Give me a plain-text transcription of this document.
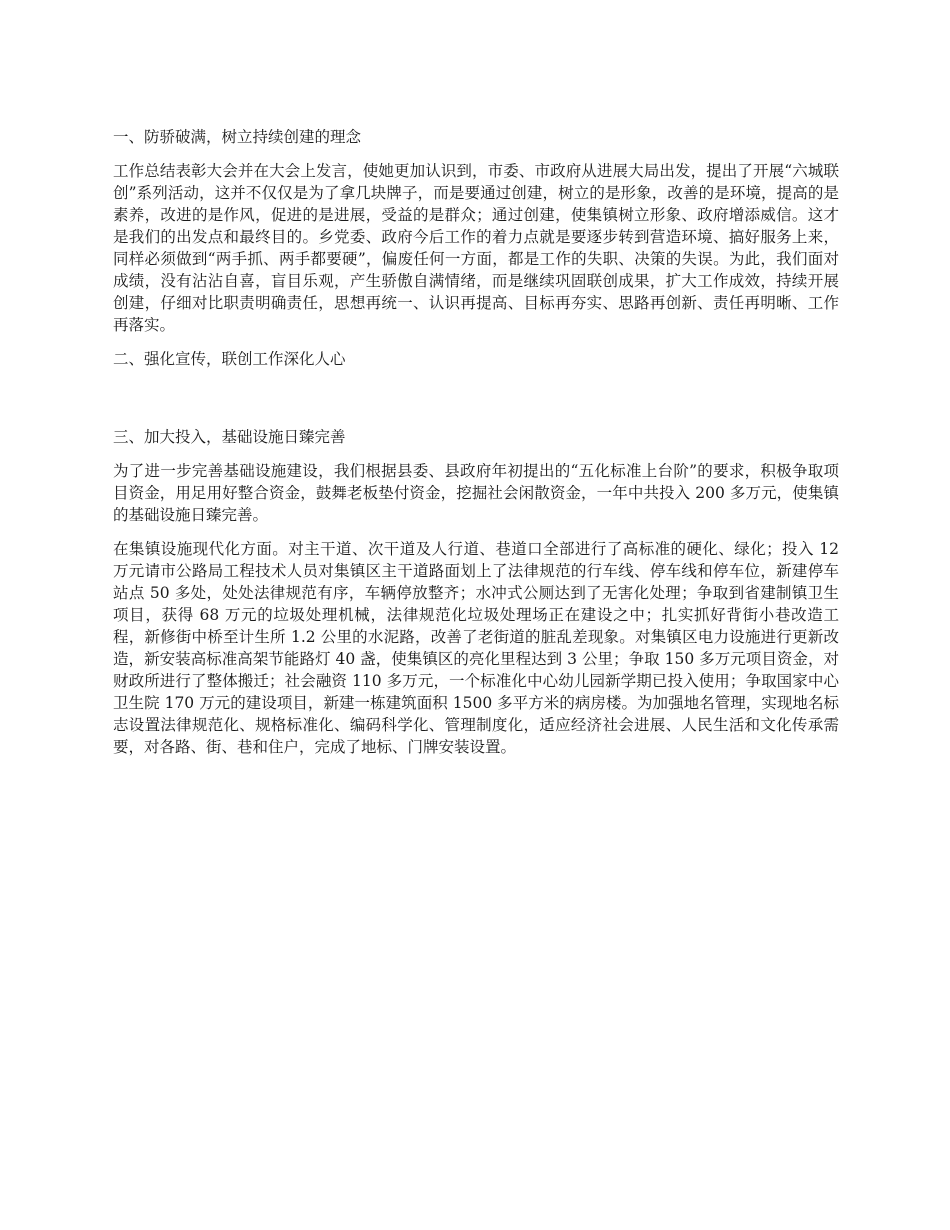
一、防骄破满，树立持续创建的理念

工作总结表彰大会并在大会上发言，使她更加认识到，市委、市政府从进展大局出发，提出了开展“六城联创”系列活动，这并不仅仅是为了拿几块牌子，而是要通过创建，树立的是形象，改善的是环境，提高的是素养，改进的是作风，促进的是进展，受益的是群众；通过创建，使集镇树立形象、政府增添威信。这才是我们的出发点和最终目的。乡党委、政府今后工作的着力点就是要逐步转到营造环境、搞好服务上来，同样必须做到“两手抓、两手都要硬”，偏废任何一方面，都是工作的失职、决策的失误。为此，我们面对成绩，没有沾沾自喜，盲目乐观，产生骄傲自满情绪，而是继续巩固联创成果，扩大工作成效，持续开展创建，仔细对比职责明确责任，思想再统一、认识再提高、目标再夯实、思路再创新、责任再明晰、工作再落实。

二、强化宣传，联创工作深化人心

三、加大投入，基础设施日臻完善

为了进一步完善基础设施建设，我们根据县委、县政府年初提出的“五化标准上台阶”的要求，积极争取项目资金，用足用好整合资金，鼓舞老板垫付资金，挖掘社会闲散资金，一年中共投入 200 多万元，使集镇的基础设施日臻完善。

在集镇设施现代化方面。对主干道、次干道及人行道、巷道口全部进行了高标准的硬化、绿化；投入 12 万元请市公路局工程技术人员对集镇区主干道路面划上了法律规范的行车线、停车线和停车位，新建停车站点 50 多处，处处法律规范有序，车辆停放整齐；水冲式公厕达到了无害化处理；争取到省建制镇卫生项目，获得 68 万元的垃圾处理机械，法律规范化垃圾处理场正在建设之中；扎实抓好背街小巷改造工程，新修街中桥至计生所 1.2 公里的水泥路，改善了老街道的脏乱差现象。对集镇区电力设施进行更新改造，新安装高标准高架节能路灯 40 盏，使集镇区的亮化里程达到 3 公里；争取 150 多万元项目资金，对财政所进行了整体搬迁；社会融资 110 多万元，一个标准化中心幼儿园新学期已投入使用；争取国家中心卫生院 170 万元的建设项目，新建一栋建筑面积 1500 多平方米的病房楼。为加强地名管理，实现地名标志设置法律规范化、规格标准化、编码科学化、管理制度化，适应经济社会进展、人民生活和文化传承需要，对各路、街、巷和住户，完成了地标、门牌安装设置。
